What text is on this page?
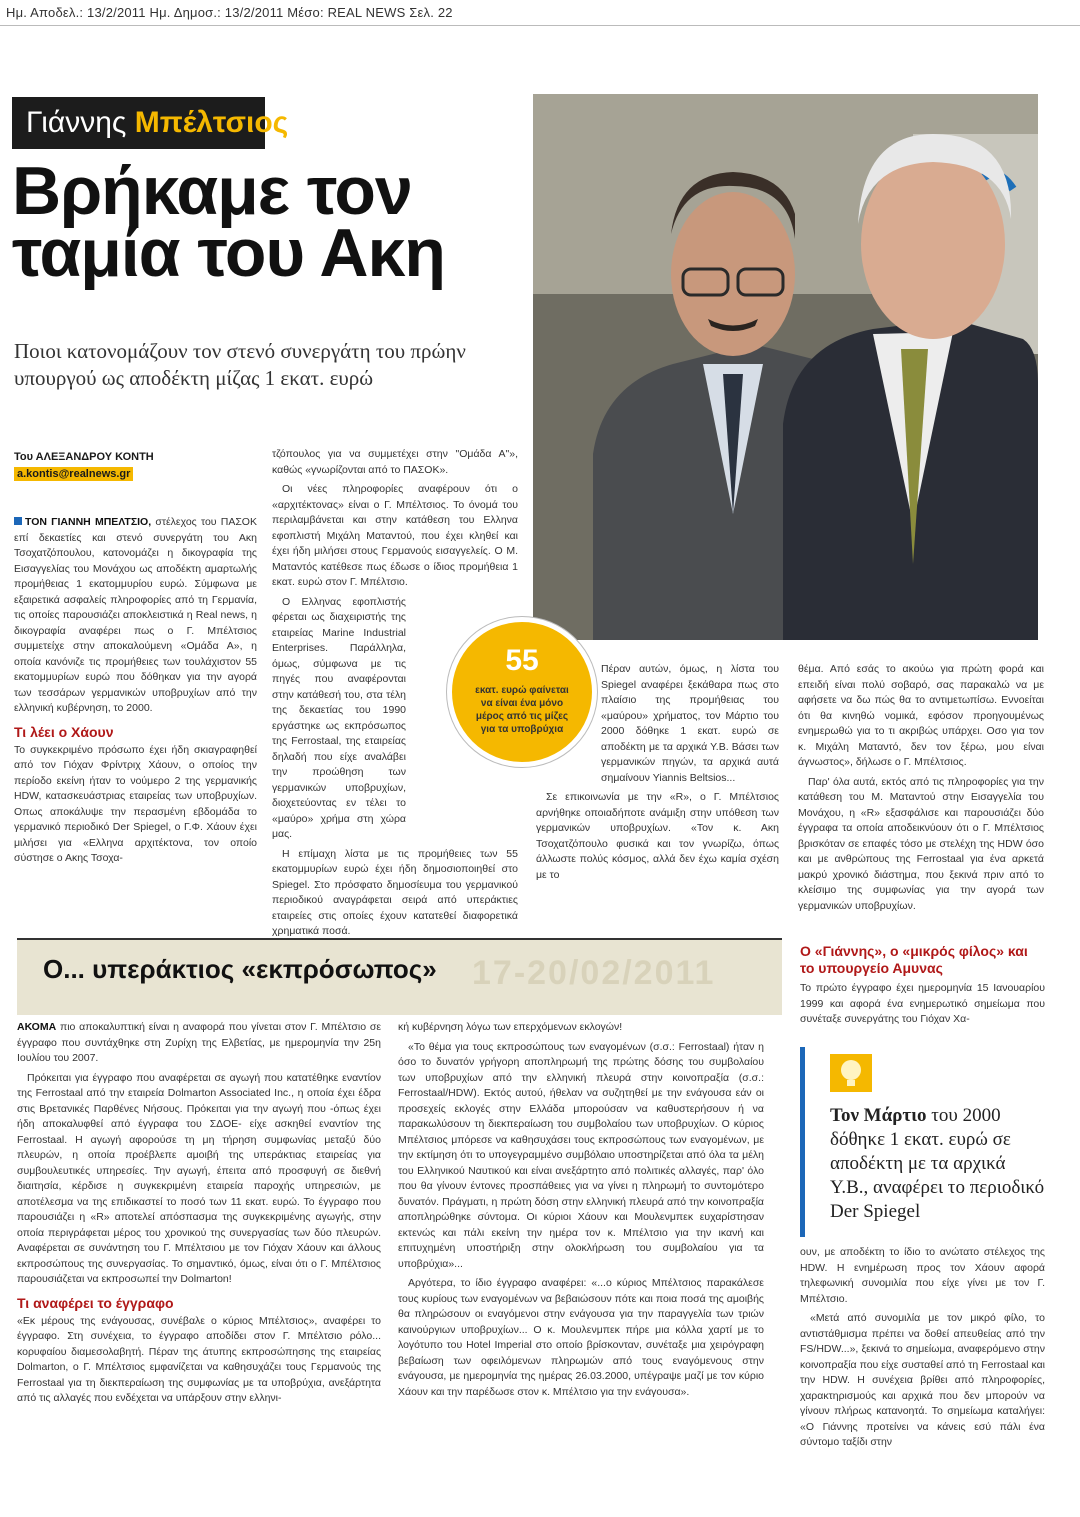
Ημ. Αποδελ.: 13/2/2011 Ημ. Δημοσ.: 13/2/2011 Μέσο: REAL NEWS Σελ. 22
Γιάννης Μπέλτσιος
Βρήκαμε τον
ταμία του Ακη
Ποιοι κατονομάζουν τον στενό συνεργάτη του πρώην υπουργού ως αποδέκτη μίζας 1 εκατ. ευρώ
Του ΑΛΕΞΑΝΔΡΟΥ ΚΟΝΤΗ
a.kontis@realnews.gr

ΤΟΝ ΓΙΑΝΝΗ ΜΠΕΛΤΣΙΟ, στέλεχος του ΠΑΣΟΚ επί δεκαετίες και στενό συνεργάτη του Ακη Τσοχατζόπουλου, κατονομάζει η δικογραφία της Εισαγγελίας του Μονάχου ως αποδέκτη αμαρτωλής προμήθειας 1 εκατομμυρίου ευρώ. Σύμφωνα με εξαιρετικά ασφαλείς πληροφορίες από τη Γερμανία, τις οποίες παρουσιάζει αποκλειστικά η Real news, η δικογραφία αναφέρει πως ο Γ. Μπέλτσιος συμμετείχε στην αποκαλούμενη «Ομάδα Α», η οποία κανόνιζε τις προμήθειες των τουλάχιστον 55 εκατομμυρίων ευρώ που δόθηκαν για την αγορά των τεσσάρων γερμανικών υποβρυχίων από την ελληνική κυβέρνηση, το 2000.

Τι λέει ο Χάουν

Το συγκεκριμένο πρόσωπο έχει ήδη σκιαγραφηθεί από τον Γιόχαν Φρίντριχ Χάουν, ο οποίος την περίοδο εκείνη ήταν το νούμερο 2 της γερμανικής HDW, κατασκευάστριας εταιρείας των υποβρυχίων. Οπως αποκάλυψε την περασμένη εβδομάδα το γερμανικό περιοδικό Der Spiegel, ο Γ.Φ. Χάουν έχει μιλήσει για «Ελληνα αρχιτέκτονα, τον οποίο σύστησε ο Ακης Τσοχα-

τζόπουλος για να συμμετέχει στην "Ομάδα Α"», καθώς «γνωρίζονται από το ΠΑΣΟΚ».

Οι νέες πληροφορίες αναφέρουν ότι ο «αρχιτέκτονας» είναι ο Γ. Μπέλτσιος. Το όνομά του περιλαμβάνεται και στην κατάθεση του Ελληνα εφοπλιστή Μιχάλη Ματαντού, που έχει κληθεί και έχει ήδη μιλήσει στους Γερμανούς εισαγγελείς. Ο Μ. Ματαντός κατέθεσε πως έδωσε ο ίδιος προμήθεια 1 εκατ. ευρώ στον Γ. Μπέλτσιο.

Ο Ελληνας εφοπλιστής φέρεται ως διαχειριστής της εταιρείας Marine Industrial Enterprises. Παράλληλα, όμως, σύμφωνα με τις πηγές που αναφέρονται στην κατάθεσή του, στα τέλη της δεκαετίας του 1990 εργάστηκε ως εκπρόσωπος της Ferrostaal, της εταιρείας δηλαδή που είχε αναλάβει την προώθηση των γερμανικών υποβρυχίων, διοχετεύοντας εν τέλει το «μαύρο» χρήμα στη χώρα μας.

Η επίμαχη λίστα με τις προμήθειες των 55 εκατομμυρίων ευρώ έχει ήδη δημοσιοποιηθεί στο Spiegel. Στο πρόσφατο δημοσίευμα του γερμανικού περιοδικού αναγράφεται σειρά από υπεράκτιες εταιρείες στις οποίες έχουν κατατεθεί διαφορετικά χρηματικά ποσά.

55
εκατ. ευρώ φαίνεται να είναι ένα μόνο μέρος από τις μίζες για τα υποβρύχια

Πέραν αυτών, όμως, η λίστα του Spiegel αναφέρει ξεκάθαρα πως στο πλαίσιο της προμήθειας του «μαύρου» χρήματος, τον Μάρτιο του 2000 δόθηκε 1 εκατ. ευρώ σε αποδέκτη με τα αρχικά Υ.Β. Βάσει των γερμανικών πηγών, τα αρχικά αυτά σημαίνουν Yiannis Beltsios...

Σε επικοινωνία με την «R», ο Γ. Μπέλτσιος αρνήθηκε οποιαδήποτε ανάμιξη στην υπόθεση των γερμανικών υποβρυχίων. «Τον κ. Ακη Τσοχατζόπουλο φυσικά και τον γνωρίζω, όπως άλλωστε πολύς κόσμος, αλλά δεν έχω καμία σχέση με το

θέμα. Από εσάς το ακούω για πρώτη φορά και επειδή είναι πολύ σοβαρό, σας παρακαλώ να με αφήσετε να δω πώς θα το αντιμετωπίσω. Εννοείται ότι θα κινηθώ νομικά, εφόσον προηγουμένως ενημερωθώ για το τι ακριβώς υπάρχει. Οσο για τον κ. Μιχάλη Ματαντό, δεν τον ξέρω, μου είναι άγνωστος», δήλωσε ο Γ. Μπέλτσιος.

Παρ' όλα αυτά, εκτός από τις πληροφορίες για την κατάθεση του Μ. Ματαντού στην Εισαγγελία του Μονάχου, η «R» εξασφάλισε και παρουσιάζει δύο έγγραφα τα οποία αποδεικνύουν ότι ο Γ. Μπέλτσιος βρισκόταν σε επαφές τόσο με στελέχη της HDW όσο και με ανθρώπους της Ferrostaal για ένα αρκετά μακρύ χρονικό διάστημα, που ξεκινά πριν από το κλείσιμο της συμφωνίας για την αγορά των γερμανικών υποβρυχίων.

17-20/02/2011
Ο... υπεράκτιος «εκπρόσωπος»

ΑΚΟΜΑ πιο αποκαλυπτική είναι η αναφορά που γίνεται στον Γ. Μπέλτσιο σε έγγραφο που συντάχθηκε στη Ζυρίχη της Ελβετίας, με ημερομηνία την 25η Ιουλίου του 2007.

Πρόκειται για έγγραφο που αναφέρεται σε αγωγή που κατατέθηκε εναντίον της Ferrostaal από την εταιρεία Dolmarton Associated Inc., η οποία έχει έδρα στις Βρετανικές Παρθένες Νήσους. Πρόκειται για την αγωγή που -όπως έχει ήδη αποκαλυφθεί από έγγραφα του ΣΔΟΕ- είχε ασκηθεί εναντίον της Ferrostaal. Η αγωγή αφορούσε τη μη τήρηση συμφωνίας μεταξύ δύο πλευρών, η οποία προέβλεπε αμοιβή της υπεράκτιας εταιρείας για συμβουλευτικές υπηρεσίες. Την αγωγή, έπειτα από προσφυγή σε διεθνή διαιτησία, κέρδισε η συγκεκριμένη εταιρεία παροχής υπηρεσιών, με αποτέλεσμα να της επιδικαστεί το ποσό των 11 εκατ. ευρώ. Το έγγραφο που παρουσιάζει η «R» αποτελεί απόσπασμα της συγκεκριμένης αγωγής, στην οποία περιγράφεται μέρος του χρονικού της συνεργασίας των δύο πλευρών. Αναφέρεται σε συνάντηση του Γ. Μπέλτσιου με τον Γιόχαν Χάουν και άλλους εκπροσώπους της συνεργασίας. Το σημαντικό, όμως, είναι ότι ο Γ. Μπέλτσιος παρουσιάζεται να εκπροσωπεί την Dolmarton!

Τι αναφέρει το έγγραφο

«Εκ μέρους της ενάγουσας, συνέβαλε ο κύριος Μπέλτσιος», αναφέρει το έγγραφο. Στη συνέχεια, το έγγραφο αποδίδει στον Γ. Μπέλτσιο ρόλο... κορυφαίου διαμεσολαβητή. Πέραν της άτυπης εκπροσώπησης της εταιρείας Dolmarton, ο Γ. Μπέλτσιος εμφανίζεται να καθησυχάζει τους Γερμανούς της Ferrostaal για τη διεκπεραίωση της συμφωνίας με τα υποβρύχια, ανεξάρτητα από τις αλλαγές που ενδέχεται να υπάρξουν στην ελληνι-

κή κυβέρνηση λόγω των επερχόμενων εκλογών!

«Το θέμα για τους εκπροσώπους των εναγομένων (σ.σ.: Ferrostaal) ήταν η όσο το δυνατόν γρήγορη αποπληρωμή της πρώτης δόσης του συμβολαίου των υποβρυχίων από την ελληνική πλευρά στην κοινοπραξία (σ.σ.: Ferrostaal/HDW). Εκτός αυτού, ήθελαν να συζητηθεί με την ενάγουσα εάν οι προσεχείς εκλογές στην Ελλάδα μπορούσαν να καθυστερήσουν ή να παρακωλύσουν τη διεκπεραίωση του συμβολαίου των υποβρυχίων. Ο κύριος Μπέλτσιος μπόρεσε να καθησυχάσει τους εκπροσώπους των εναγομένων, με την εκτίμηση ότι το υπογεγραμμένο συμβόλαιο υποστηρίζεται από όλα τα μέλη του Ελληνικού Ναυτικού και είναι ανεξάρτητο από πολιτικές αλλαγές, παρ' όλο που θα γίνουν έντονες προσπάθειες για να γίνει η πληρωμή το συντομότερο δυνατόν. Πράγματι, η πρώτη δόση στην ελληνική πλευρά από την κοινοπραξία αποπληρώθηκε σύντομα. Οι κύριοι Χάουν και Μουλενμπεκ ευχαρίστησαν εκτενώς και πάλι εκείνη την ημέρα τον κ. Μπέλτσιο για την ικανή και επιτυχημένη υποστήριξη στην ολοκλήρωση του συμβολαίου για τα υποβρύχια»...

Αργότερα, το ίδιο έγγραφο αναφέρει: «...ο κύριος Μπέλτσιος παρακάλεσε τους κυρίους των εναγομένων να βεβαιώσουν πότε και ποια ποσά της αμοιβής θα πληρώσουν οι εναγόμενοι στην ενάγουσα για την παραγγελία των τριών καινούργιων υποβρυχίων... Ο κ. Μουλενμπεκ πήρε μια κόλλα χαρτί με το λογότυπο του Hotel Imperial στο οποίο βρίσκονταν, συνέταξε μια χειρόγραφη βεβαίωση των οφειλόμενων πληρωμών από τους εναγόμενους στην ενάγουσα, με ημερομηνία της ημέρας 26.03.2000, υπέγραψε μαζί με τον κύριο Χάουν και την παρέδωσε στον κ. Μπέλτσιο για την ενάγουσα».

Ο «Γιάννης», ο «μικρός φίλος» και το υπουργείο Αμυνας

Το πρώτο έγγραφο έχει ημερομηνία 15 Ιανουαρίου 1999 και αφορά ένα ενημερωτικό σημείωμα που συνέταξε συνεργάτης του Γιόχαν Χα-

Τον Μάρτιο του 2000 δόθηκε 1 εκατ. ευρώ σε αποδέκτη με τα αρχικά Υ.Β., αναφέρει το περιοδικό Der Spiegel

ουν, με αποδέκτη το ίδιο το ανώτατο στέλεχος της HDW. Η ενημέρωση προς τον Χάουν αφορά τηλεφωνική συνομιλία που είχε γίνει με τον Γ. Μπέλτσιο.

«Μετά από συνομιλία με τον μικρό φίλο, το αντιστάθμισμα πρέπει να δοθεί απευθείας από την FS/HDW...», ξεκινά το σημείωμα, αναφερόμενο στην κοινοπραξία που είχε συσταθεί από τη Ferrostaal και την HDW. Η συνέχεια βρίθει από πληροφορίες, χαρακτηρισμούς και αρχικά που δεν μπορούν να γίνουν πλήρως κατανοητά. Το σημείωμα καταλήγει: «Ο Γιάννης προτείνει να κάνεις εσύ πάλι ένα σύντομο ταξίδι στην
